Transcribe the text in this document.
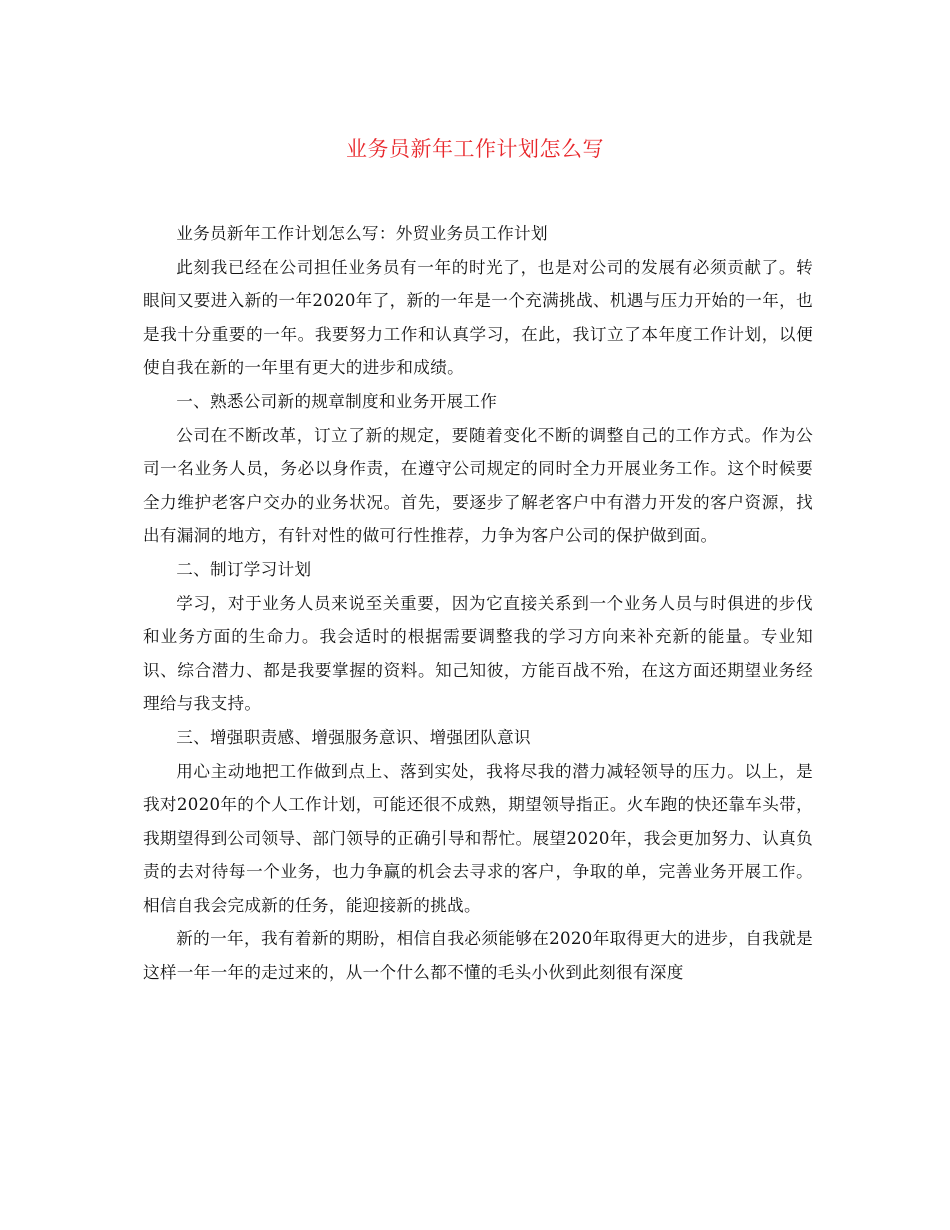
业务员新年工作计划怎么写

业务员新年工作计划怎么写：外贸业务员工作计划

此刻我已经在公司担任业务员有一年的时光了，也是对公司的发展有必须贡献了。转眼间又要进入新的一年2020年了，新的一年是一个充满挑战、机遇与压力开始的一年，也是我十分重要的一年。我要努力工作和认真学习，在此，我订立了本年度工作计划，以便使自我在新的一年里有更大的进步和成绩。

一、熟悉公司新的规章制度和业务开展工作

公司在不断改革，订立了新的规定，要随着变化不断的调整自己的工作方式。作为公司一名业务人员，务必以身作责，在遵守公司规定的同时全力开展业务工作。这个时候要全力维护老客户交办的业务状况。首先，要逐步了解老客户中有潜力开发的客户资源，找出有漏洞的地方，有针对性的做可行性推荐，力争为客户公司的保护做到面。

二、制订学习计划

学习，对于业务人员来说至关重要，因为它直接关系到一个业务人员与时俱进的步伐和业务方面的生命力。我会适时的根据需要调整我的学习方向来补充新的能量。专业知识、综合潜力、都是我要掌握的资料。知己知彼，方能百战不殆，在这方面还期望业务经理给与我支持。

三、增强职责感、增强服务意识、增强团队意识

用心主动地把工作做到点上、落到实处，我将尽我的潜力减轻领导的压力。以上，是我对2020年的个人工作计划，可能还很不成熟，期望领导指正。火车跑的快还靠车头带，我期望得到公司领导、部门领导的正确引导和帮忙。展望2020年，我会更加努力、认真负责的去对待每一个业务，也力争赢的机会去寻求的客户，争取的单，完善业务开展工作。相信自我会完成新的任务，能迎接新的挑战。

新的一年，我有着新的期盼，相信自我必须能够在2020年取得更大的进步，自我就是这样一年一年的走过来的，从一个什么都不懂的毛头小伙到此刻很有深度
